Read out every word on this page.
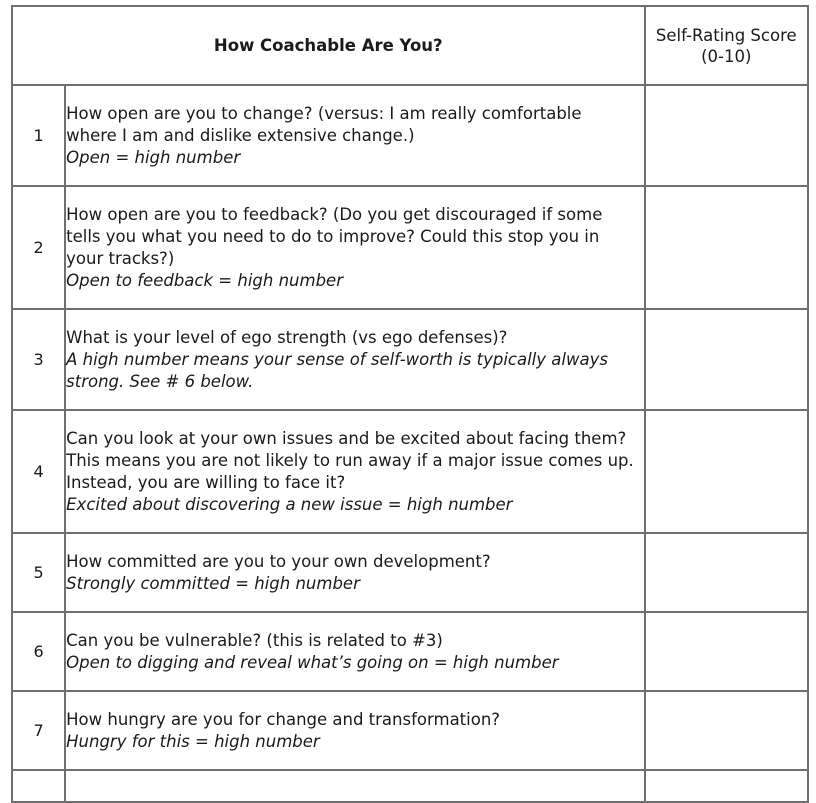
How Coachable Are You?		Self-Rating Score
(0-10)
1	How open are you to change? (versus: I am really comfortable
where I am and dislike extensive change.)
Open = high number	

2	How open are you to feedback? (Do you get discouraged if some
tells you what you need to do to improve? Could this stop you in
your tracks?)
Open to feedback = high number	

3	What is your level of ego strength (vs ego defenses)?
A high number means your sense of self-worth is typically always
strong. See # 6 below.	

4	Can you look at your own issues and be excited about facing them?
This means you are not likely to run away if a major issue comes up.
Instead, you are willing to face it?
Excited about discovering a new issue = high number	

5	How committed are you to your own development?
Strongly committed = high number	

6	Can you be vulnerable? (this is related to #3)
Open to digging and reveal what’s going on = high number	

7	How hungry are you for change and transformation?
Hungry for this = high number	
